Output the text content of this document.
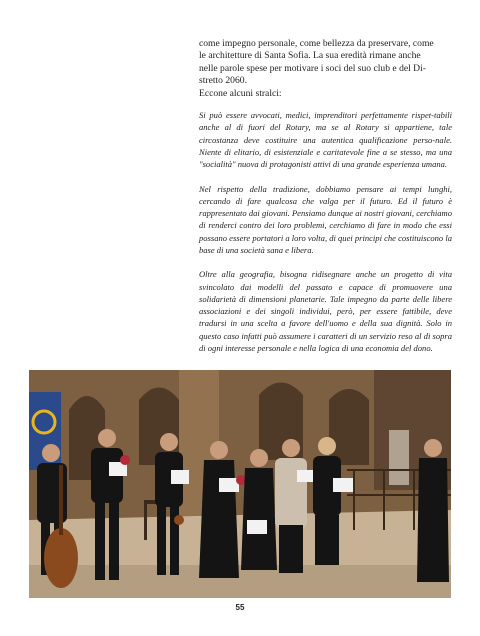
come impegno personale, come bellezza da preservare, come
le architetture di Santa Sofia. La sua eredità rimane anche
nelle parole spese per motivare i soci del suo club e del Di-
stretto 2060.
Eccone alcuni stralci:

Si può essere avvocati, medici, imprenditori perfettamente rispet-tabili anche al di fuori del Rotary, ma se al Rotary si appartiene, tale circostanza deve costituire una autentica qualificazione perso-nale. Niente di elitario, di esistenziale e caritatevole fine a se stesso, ma una "socialità" nuova di protagonisti attivi di una grande esperienza umana.

Nel rispetto della tradizione, dobbiamo pensare ai tempi lunghi, cercando di fare qualcosa che valga per il futuro. Ed il futuro è rappresentato dai giovani. Pensiamo dunque ai nostri giovani, cerchiamo di renderci contro dei loro problemi, cerchiamo di fare in modo che essi possano essere portatori a loro volta, di quei principi che costituiscono la base di una società sana e libera.

Oltre alla geografia, bisogna ridisegnare anche un progetto di vita svincolato dai modelli del passato e capace di promuovere una solidarietà di dimensioni planetarie. Tale impegno da parte delle libere associazioni e dei singoli individui, però, per essere fattibile, deve tradursi in una scelta a favore dell'uomo e della sua dignità. Solo in questo caso infatti può assumere i caratteri di un servizio reso al di sopra di ogni interesse personale e nella logica di una economia del dono.

55
